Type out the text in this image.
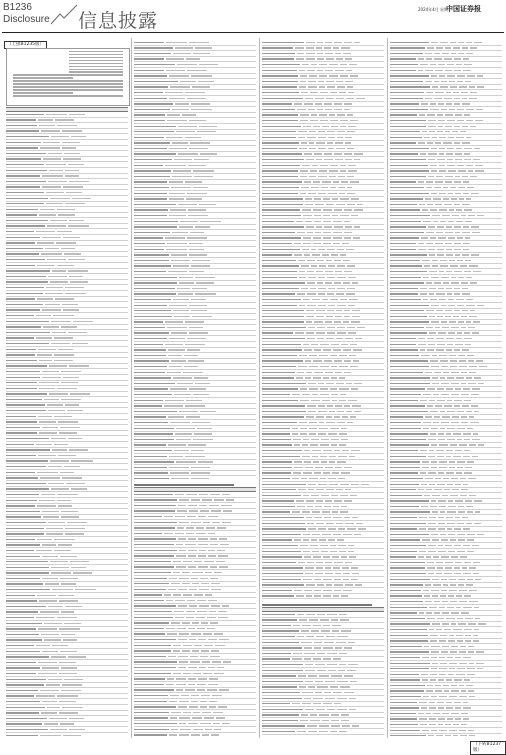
B1236
Disclosure 信息披露
2024年4月 星期二
中国证券报
（上接B1235版）
（下转B1237版）
